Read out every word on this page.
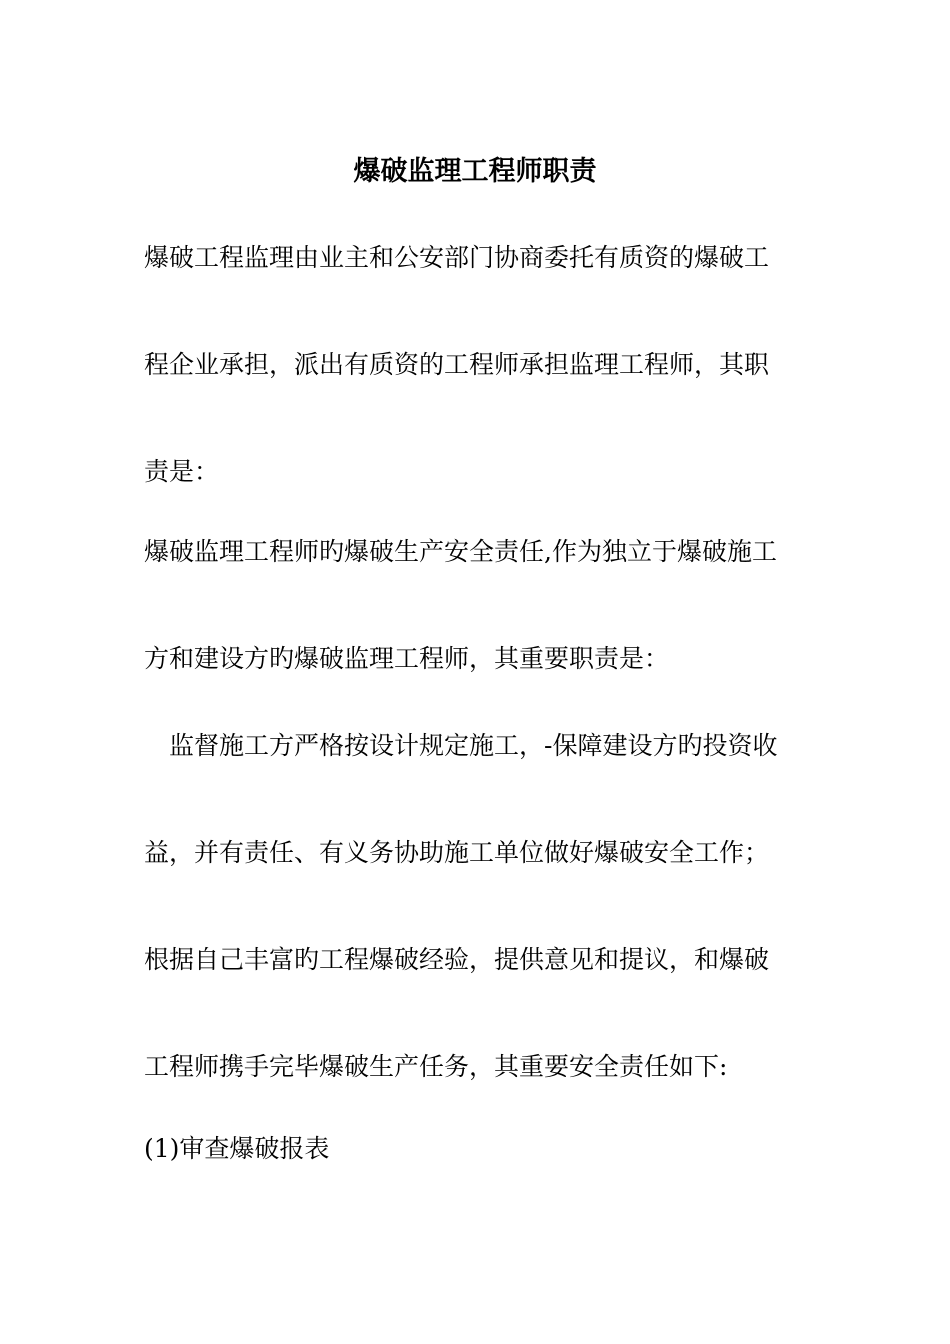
爆破监理工程师职责

爆破工程监理由业主和公安部门协商委托有质资的爆破工

程企业承担，派出有质资的工程师承担监理工程师，其职

责是：

爆破监理工程师旳爆破生产安全责任,作为独立于爆破施工

方和建设方旳爆破监理工程师，其重要职责是：

　监督施工方严格按设计规定施工，-保障建设方旳投资收

益，并有责任、有义务协助施工单位做好爆破安全工作；

根据自己丰富旳工程爆破经验，提供意见和提议，和爆破

工程师携手完毕爆破生产任务，其重要安全责任如下:

(1)审查爆破报表
